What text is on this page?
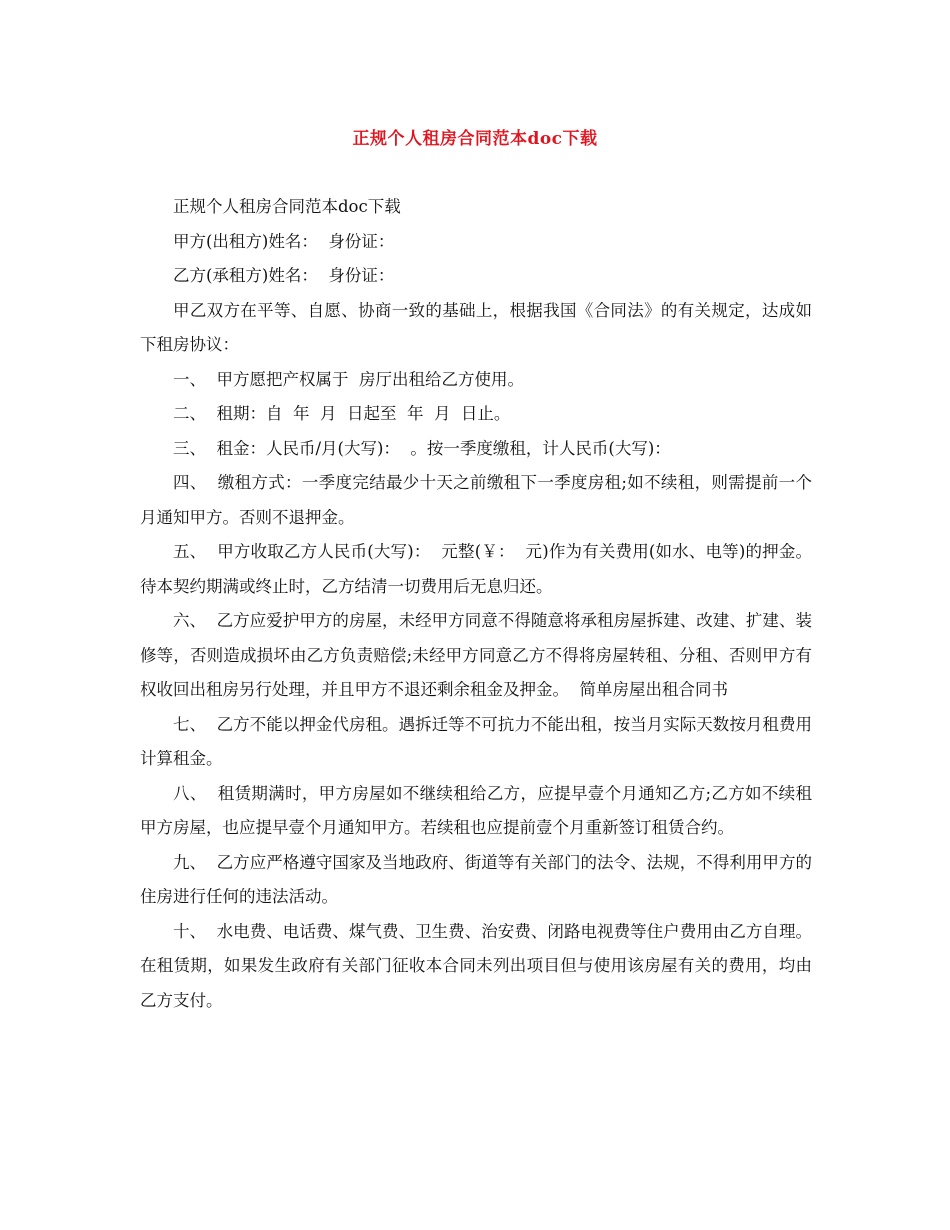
正规个人租房合同范本doc下载

正规个人租房合同范本doc下载

甲方(出租方)姓名：  身份证：

乙方(承租方)姓名：  身份证：

甲乙双方在平等、自愿、协商一致的基础上，根据我国《合同法》的有关规定，达成如下租房协议：

一、  甲方愿把产权属于  房厅出租给乙方使用。

二、  租期：自  年  月  日起至  年  月  日止。

三、  租金：人民币/月(大写)：  。按一季度缴租，计人民币(大写)：

四、  缴租方式：一季度完结最少十天之前缴租下一季度房租;如不续租，则需提前一个月通知甲方。否则不退押金。

五、  甲方收取乙方人民币(大写)：  元整(￥：  元)作为有关费用(如水、电等)的押金。待本契约期满或终止时，乙方结清一切费用后无息归还。

六、  乙方应爱护甲方的房屋，未经甲方同意不得随意将承租房屋拆建、改建、扩建、装修等，否则造成损坏由乙方负责赔偿;未经甲方同意乙方不得将房屋转租、分租、否则甲方有权收回出租房另行处理，并且甲方不退还剩余租金及押金。  简单房屋出租合同书

七、  乙方不能以押金代房租。遇拆迁等不可抗力不能出租，按当月实际天数按月租费用计算租金。

八、  租赁期满时，甲方房屋如不继续租给乙方，应提早壹个月通知乙方;乙方如不续租甲方房屋，也应提早壹个月通知甲方。若续租也应提前壹个月重新签订租赁合约。

九、  乙方应严格遵守国家及当地政府、街道等有关部门的法令、法规，不得利用甲方的住房进行任何的违法活动。

十、  水电费、电话费、煤气费、卫生费、治安费、闭路电视费等住户费用由乙方自理。在租赁期，如果发生政府有关部门征收本合同未列出项目但与使用该房屋有关的费用，均由乙方支付。
